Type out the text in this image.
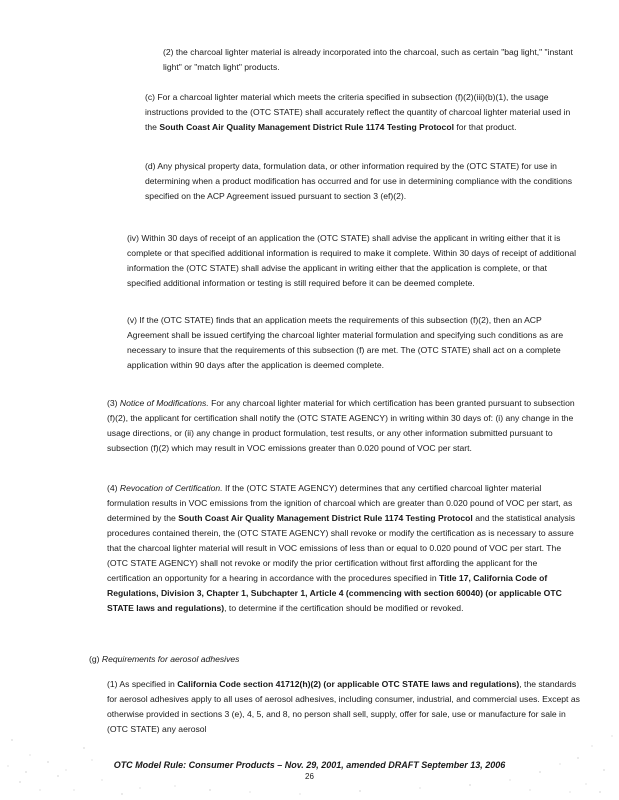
(2) the charcoal lighter material is already incorporated into the charcoal, such as certain "bag light," "instant light" or "match light" products.

(c) For a charcoal lighter material which meets the criteria specified in subsection (f)(2)(iii)(b)(1), the usage instructions provided to the (OTC STATE) shall accurately reflect the quantity of charcoal lighter material used in the South Coast Air Quality Management District Rule 1174 Testing Protocol for that product.

(d) Any physical property data, formulation data, or other information required by the (OTC STATE) for use in determining when a product modification has occurred and for use in determining compliance with the conditions specified on the ACP Agreement issued pursuant to section 3 (ef)(2).

(iv) Within 30 days of receipt of an application the (OTC STATE) shall advise the applicant in writing either that it is complete or that specified additional information is required to make it complete. Within 30 days of receipt of additional information the (OTC STATE) shall advise the applicant in writing either that the application is complete, or that specified additional information or testing is still required before it can be deemed complete.

(v) If the (OTC STATE) finds that an application meets the requirements of this subsection (f)(2), then an ACP Agreement shall be issued certifying the charcoal lighter material formulation and specifying such conditions as are necessary to insure that the requirements of this subsection (f) are met. The (OTC STATE) shall act on a complete application within 90 days after the application is deemed complete.

(3) Notice of Modifications. For any charcoal lighter material for which certification has been granted pursuant to subsection (f)(2), the applicant for certification shall notify the (OTC STATE AGENCY) in writing within 30 days of: (i) any change in the usage directions, or (ii) any change in product formulation, test results, or any other information submitted pursuant to subsection (f)(2) which may result in VOC emissions greater than 0.020 pound of VOC per start.

(4) Revocation of Certification. If the (OTC STATE AGENCY) determines that any certified charcoal lighter material formulation results in VOC emissions from the ignition of charcoal which are greater than 0.020 pound of VOC per start, as determined by the South Coast Air Quality Management District Rule 1174 Testing Protocol and the statistical analysis procedures contained therein, the (OTC STATE AGENCY) shall revoke or modify the certification as is necessary to assure that the charcoal lighter material will result in VOC emissions of less than or equal to 0.020 pound of VOC per start. The (OTC STATE AGENCY) shall not revoke or modify the prior certification without first affording the applicant for the certification an opportunity for a hearing in accordance with the procedures specified in Title 17, California Code of Regulations, Division 3, Chapter 1, Subchapter 1, Article 4 (commencing with section 60040) (or applicable OTC STATE laws and regulations), to determine if the certification should be modified or revoked.

(g) Requirements for aerosol adhesives

(1) As specified in California Code section 41712(h)(2) (or applicable OTC STATE laws and regulations), the standards for aerosol adhesives apply to all uses of aerosol adhesives, including consumer, industrial, and commercial uses. Except as otherwise provided in sections 3 (e), 4, 5, and 8, no person shall sell, supply, offer for sale, use or manufacture for sale in (OTC STATE) any aerosol

OTC Model Rule: Consumer Products – Nov. 29, 2001, amended DRAFT September 13, 2006
26
